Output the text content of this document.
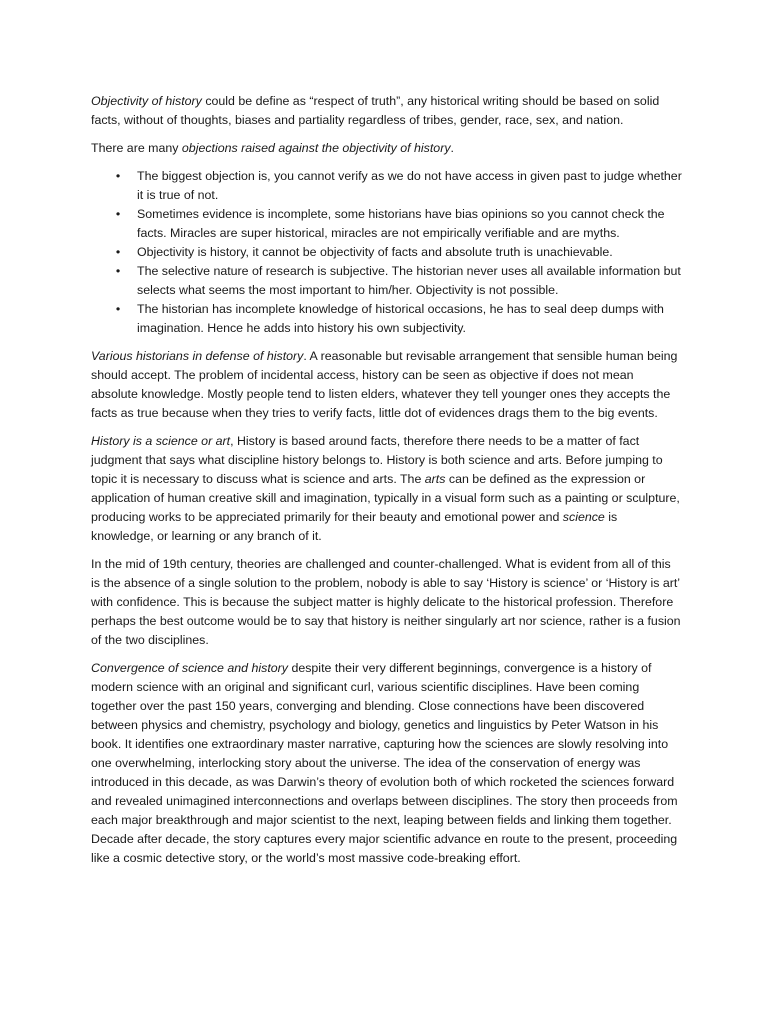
Objectivity of history could be define as “respect of truth”, any historical writing should be based on solid facts, without of thoughts, biases and partiality regardless of tribes, gender, race, sex, and nation.

There are many objections raised against the objectivity of history.

• The biggest objection is, you cannot verify as we do not have access in given past to judge whether it is true of not.
• Sometimes evidence is incomplete, some historians have bias opinions so you cannot check the facts. Miracles are super historical, miracles are not empirically verifiable and are myths.
• Objectivity is history, it cannot be objectivity of facts and absolute truth is unachievable.
• The selective nature of research is subjective. The historian never uses all available information but selects what seems the most important to him/her. Objectivity is not possible.
• The historian has incomplete knowledge of historical occasions, he has to seal deep dumps with imagination. Hence he adds into history his own subjectivity.

Various historians in defense of history. A reasonable but revisable arrangement that sensible human being should accept. The problem of incidental access, history can be seen as objective if does not mean absolute knowledge. Mostly people tend to listen elders, whatever they tell younger ones they accepts the facts as true because when they tries to verify facts, little dot of evidences drags them to the big events.

History is a science or art, History is based around facts, therefore there needs to be a matter of fact judgment that says what discipline history belongs to. History is both science and arts. Before jumping to topic it is necessary to discuss what is science and arts. The arts can be defined as the expression or application of human creative skill and imagination, typically in a visual form such as a painting or sculpture, producing works to be appreciated primarily for their beauty and emotional power and science is knowledge, or learning or any branch of it.

In the mid of 19th century, theories are challenged and counter-challenged. What is evident from all of this is the absence of a single solution to the problem, nobody is able to say ‘History is science’ or ‘History is art’ with confidence. This is because the subject matter is highly delicate to the historical profession. Therefore perhaps the best outcome would be to say that history is neither singularly art nor science, rather is a fusion of the two disciplines.

Convergence of science and history despite their very different beginnings, convergence is a history of modern science with an original and significant curl, various scientific disciplines. Have been coming together over the past 150 years, converging and blending. Close connections have been discovered between physics and chemistry, psychology and biology, genetics and linguistics by Peter Watson in his book. It identifies one extraordinary master narrative, capturing how the sciences are slowly resolving into one overwhelming, interlocking story about the universe. The idea of the conservation of energy was introduced in this decade, as was Darwin’s theory of evolution both of which rocketed the sciences forward and revealed unimagined interconnections and overlaps between disciplines. The story then proceeds from each major breakthrough and major scientist to the next, leaping between fields and linking them together. Decade after decade, the story captures every major scientific advance en route to the present, proceeding like a cosmic detective story, or the world’s most massive code-breaking effort.
